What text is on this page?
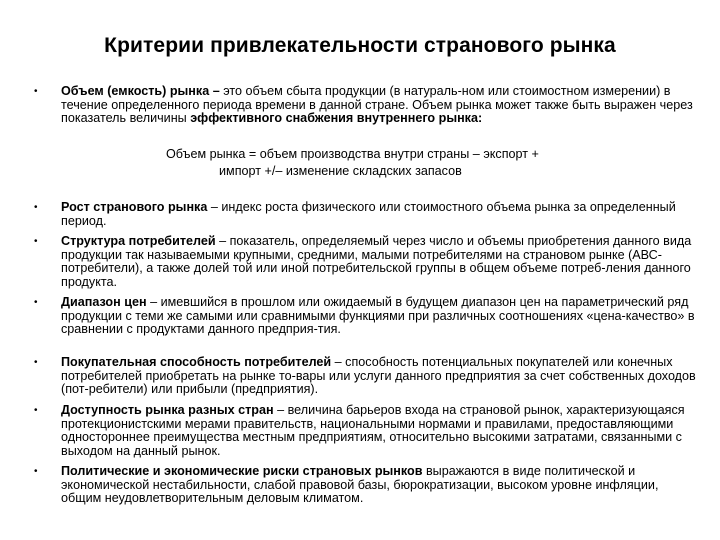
Критерии привлекательности странового рынка
• Объем (емкость) рынка – это объем сбыта продукции (в натураль-ном или стоимостном измерении) в течение определенного периода времени в данной стране. Объем рынка может также быть выражен через показатель величины эффективного снабжения внутреннего рынка:
Объем рынка = объем производства внутри страны – экспорт +
импорт +/– изменение складских запасов
• Рост странового рынка – индекс роста физического или стоимостного объема рынка за определенный период.
• Структура потребителей – показатель, определяемый через число и объемы приобретения данного вида продукции так называемыми крупными, средними, малыми потребителями на страновом рынке (АВС-потребители), а также долей той или иной потребительской группы в общем объеме потреб-ления данного продукта.
• Диапазон цен – имевшийся в прошлом или ожидаемый в будущем диапазон цен на параметрический ряд продукции с теми же самыми или сравнимыми функциями при различных соотношениях «цена-качество» в сравнении с продуктами данного предприя-тия.
• Покупательная способность потребителей – способность потенциальных покупателей или конечных потребителей приобретать на рынке то-вары или услуги данного предприятия за счет собственных доходов (пот-ребители) или прибыли (предприятия).
• Доступность рынка разных стран – величина барьеров входа на страновой рынок, характеризующаяся протекционистскими мерами правительств, национальными нормами и правилами, предоставляющими одностороннее преимущества местным предприятиям, относительно высокими затратами, связанными с выходом на данный рынок.
• Политические и экономические риски страновых рынков выражаются в виде политической и экономической нестабильности, слабой правовой базы, бюрократизации, высоком уровне инфляции, общим неудовлетворительным деловым климатом.
